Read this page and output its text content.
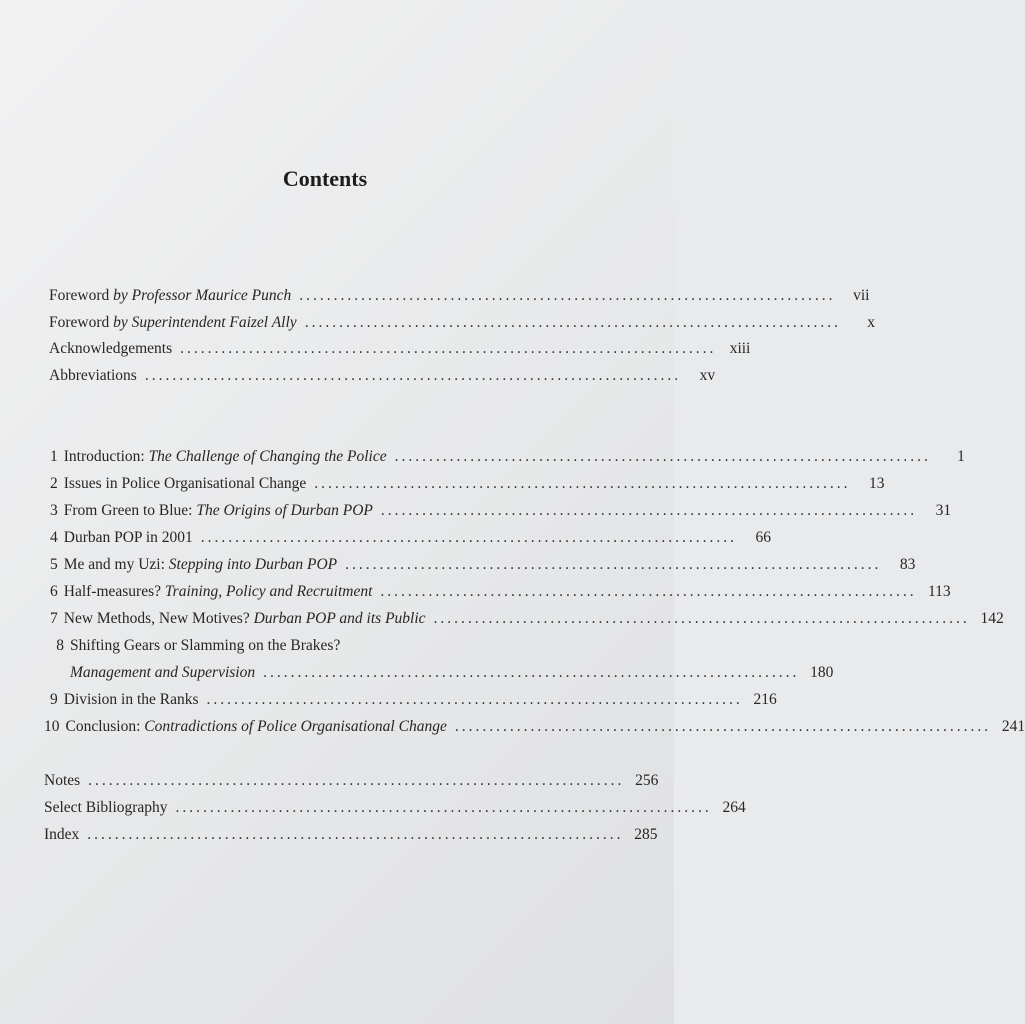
Contents
Foreword by Professor Maurice Punch ..............................................................................	vii
Foreword by Superintendent Faizel Ally ..............................................................................	x
Acknowledgements .............................................................................. xiii
Abbreviations ..............................................................................	xv
1 Introduction: The Challenge of Changing the Police ..............................................................................	1
2 Issues in Police Organisational Change ..............................................................................	13
3 From Green to Blue: The Origins of Durban POP ..............................................................................	31
4 Durban POP in 2001 ..............................................................................	66
5 Me and my Uzi: Stepping into Durban POP ..............................................................................	83
6 Half-measures? Training, Policy and Recruitment .............................................................................. 113
7 New Methods, New Motives? Durban POP and its Public .............................................................................. 142
8 Shifting Gears or Slamming on the Brakes?
Management and Supervision .............................................................................. 180
9 Division in the Ranks .............................................................................. 216
10 Conclusion: Contradictions of Police Organisational Change .............................................................................. 241
Notes .............................................................................. 256
Select Bibliography .............................................................................. 264
Index .............................................................................. 285
